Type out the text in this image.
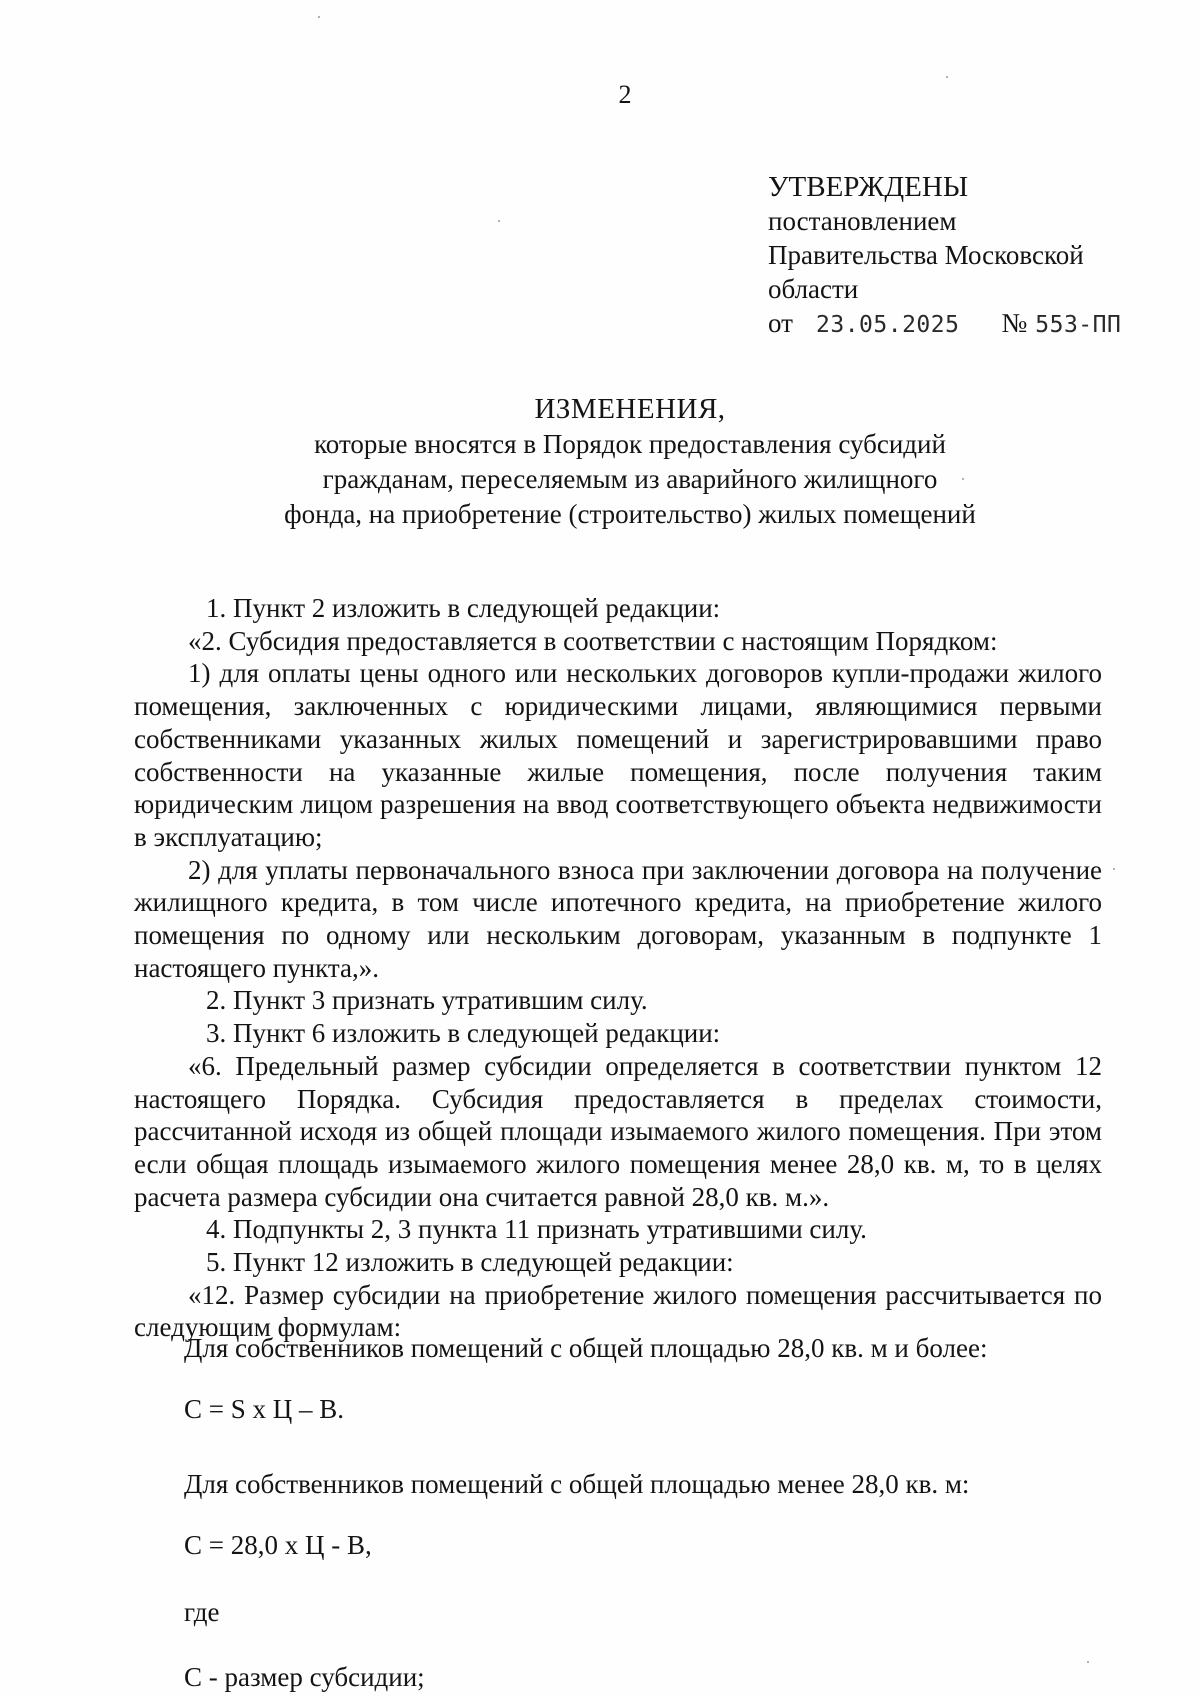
2
УТВЕРЖДЕНЫ
постановлением
Правительства Московской
области
от 23.05.2025 № 553-ПП
ИЗМЕНЕНИЯ,
которые вносятся в Порядок предоставления субсидий
гражданам, переселяемым из аварийного жилищного
фонда, на приобретение (строительство) жилых помещений

1. Пункт 2 изложить в следующей редакции:

«2. Субсидия предоставляется в соответствии с настоящим Порядком:

1) для оплаты цены одного или нескольких договоров купли-продажи жилого помещения, заключенных с юридическими лицами, являющимися первыми собственниками указанных жилых помещений и зарегистрировавшими право собственности на указанные жилые помещения, после получения таким юридическим лицом разрешения на ввод соответствующего объекта недвижимости в эксплуатацию;

2) для уплаты первоначального взноса при заключении договора на получение жилищного кредита, в том числе ипотечного кредита, на приобретение жилого помещения по одному или нескольким договорам, указанным в подпункте 1 настоящего пункта,».

2. Пункт 3 признать утратившим силу.

3. Пункт 6 изложить в следующей редакции:

«6. Предельный размер субсидии определяется в соответствии пунктом 12 настоящего Порядка. Субсидия предоставляется в пределах стоимости, рассчитанной исходя из общей площади изымаемого жилого помещения. При этом если общая площадь изымаемого жилого помещения менее 28,0 кв. м, то в целях расчета размера субсидии она считается равной 28,0 кв. м.».

4. Подпункты 2, 3 пункта 11 признать утратившими силу.

5. Пункт 12 изложить в следующей редакции:

«12. Размер субсидии на приобретение жилого помещения рассчитывается по следующим формулам:

Для собственников помещений с общей площадью 28,0 кв. м и более:
С = S x Ц – В.
Для собственников помещений с общей площадью менее 28,0 кв. м:
С = 28,0 x Ц - В,
где
С - размер субсидии;
